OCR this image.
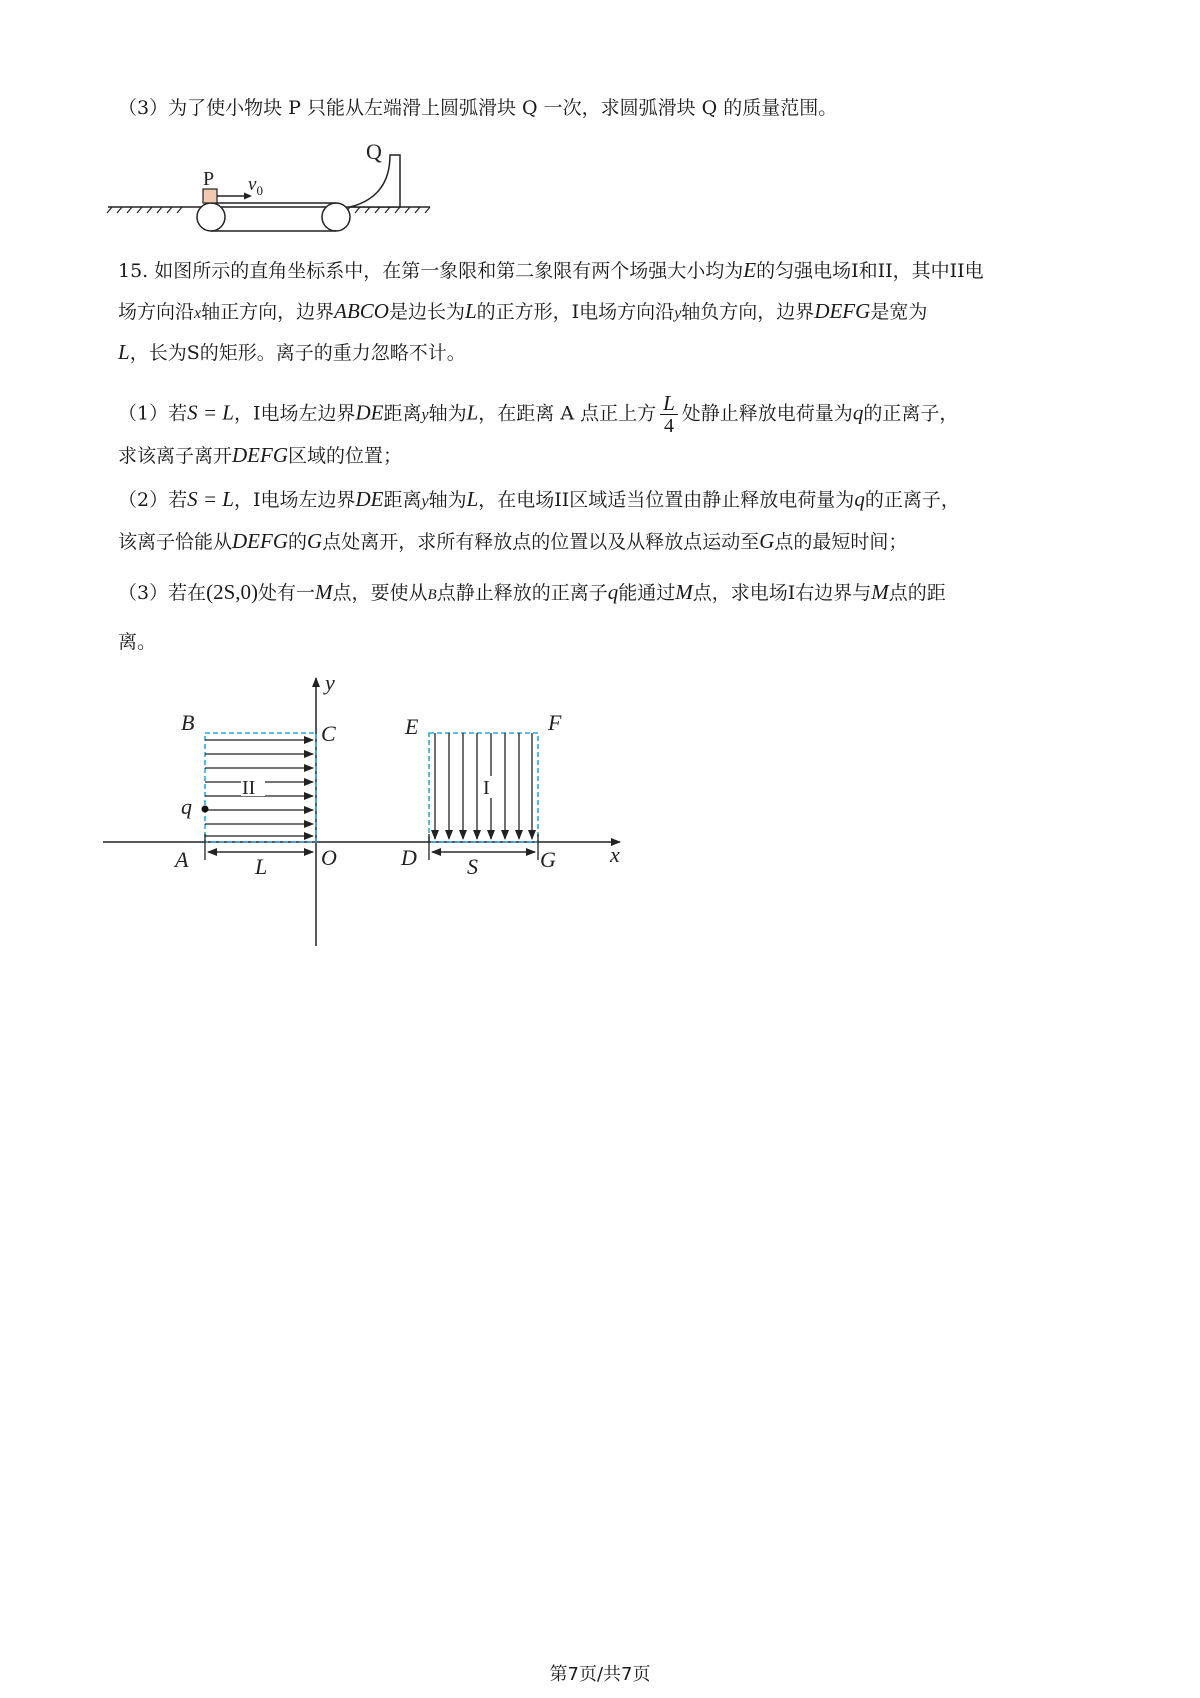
（3）为了使小物块 P 只能从左端滑上圆弧滑块 Q 一次，求圆弧滑块 Q 的质量范围。
P $v_0$
Q
15. 如图所示的直角坐标系中，在第一象限和第二象限有两个场强大小均为E的匀强电场I和II，其中II电
场方向沿x轴正方向，边界ABCO是边长为L的正方形，I电场方向沿y轴负方向，边界DEFG是宽为
L，长为S的矩形。离子的重力忽略不计。
（1）若S = L，I电场左边界DE距离y轴为L，在距离 A 点正上方 $\frac{L}{4}$ 处静止释放电荷量为q的正离子，
求该离子离开DEFG区域的位置；
（2）若S = L，I电场左边界DE距离y轴为L，在电场II区域适当位置由静止释放电荷量为q的正离子，
该离子恰能从DEFG的G点处离开，求所有释放点的位置以及从释放点运动至G点的最短时间；
（3）若在(2S,0)处有一M点，要使从B点静止释放的正离子q能通过M点，求电场I右边界与M点的距
离。
x
y
II
q
I
B	C	E	F
A	O	D	G
L	S
第7页/共7页
